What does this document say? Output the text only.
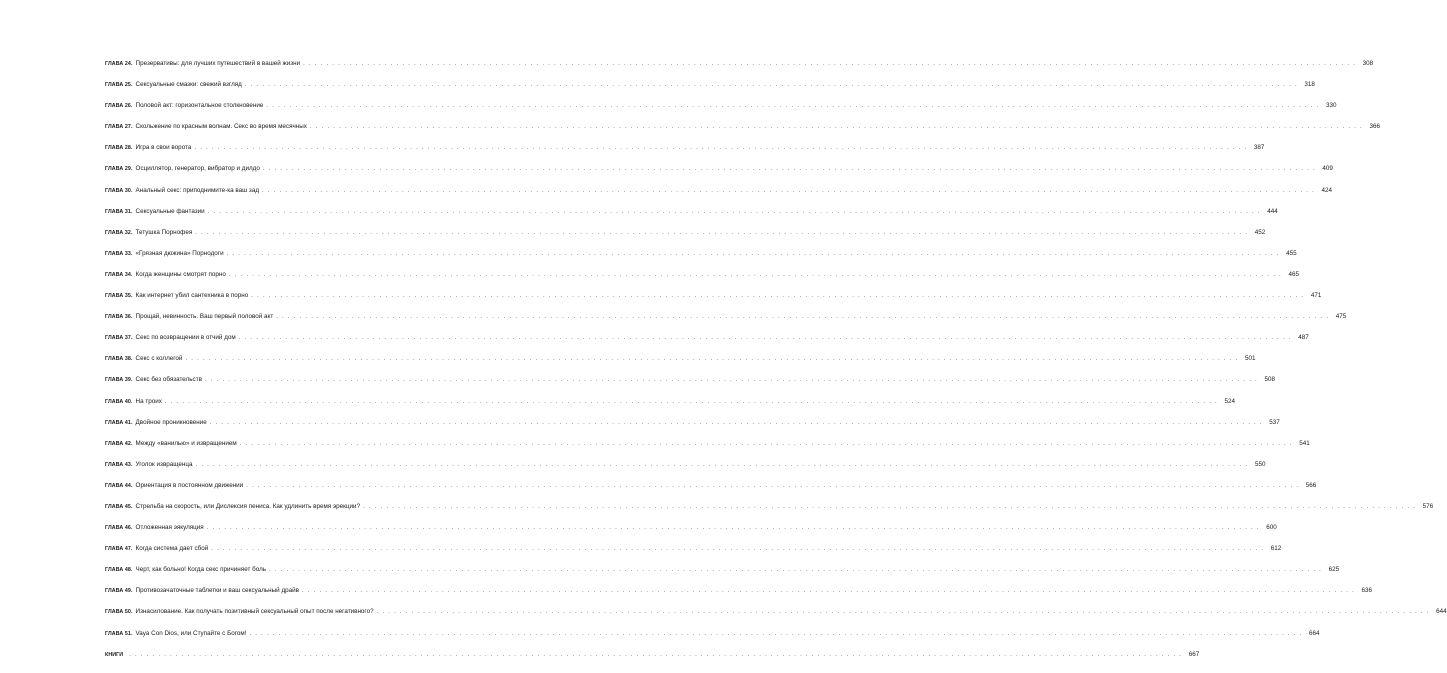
ГЛАВА 24. Презервативы: для лучших путешествий в вашей жизни . . .	308
ГЛАВА 25. Сексуальные смазки: свежий взгляд . . .	318
ГЛАВА 26. Половой акт: горизонтальное столкновение . . .	330
ГЛАВА 27. Скольжение по красным волнам. Секс во время месячных . . .	366
ГЛАВА 28. Игра в свои ворота . . .	387
ГЛАВА 29. Осциллятор, генератор, вибратор и дилдо . . .	409
ГЛАВА 30. Анальный секс: приподнимите-ка ваш зад . . .	424
ГЛАВА 31. Сексуальные фантазии . . .	444
ГЛАВА 32. Тетушка Порнофея . . .	452
ГЛАВА 33. «Грязная дюжина» Порнодоги . . .	455
ГЛАВА 34. Когда женщины смотрят порно . . .	465
ГЛАВА 35. Как интернет убил сантехника в порно . . .	471
ГЛАВА 36. Прощай, невинность. Ваш первый половой акт . . .	475
ГЛАВА 37. Секс по возвращении в отчий дом . . .	487
ГЛАВА 38. Секс с коллегой . . .	501
ГЛАВА 39. Секс без обязательств . . .	508
ГЛАВА 40. На троих . . .	524
ГЛАВА 41. Двойное проникновение . . .	537
ГЛАВА 42. Между «ванилью» и извращением . . .	541
ГЛАВА 43. Уголок извращенца . . .	550
ГЛАВА 44. Ориентация в постоянном движении . . .	566
ГЛАВА 45. Стрельба на скорость, или Дислексия пениса. Как удлинить время эрекции? . . .	576
ГЛАВА 46. Отложенная эякуляция . . .	600
ГЛАВА 47. Когда система дает сбой . . .	612
ГЛАВА 48. Черт, как больно! Когда секс причиняет боль . . .	625
ГЛАВА 49. Противозачаточные таблетки и ваш сексуальный драйв . . .	636
ГЛАВА 50. Изнасилование. Как получать позитивный сексуальный опыт после негативного? . . .	644
ГЛАВА 51. Vaya Con Dios, или Ступайте с Богом! . . .	664
КНИГИ . . .	667
